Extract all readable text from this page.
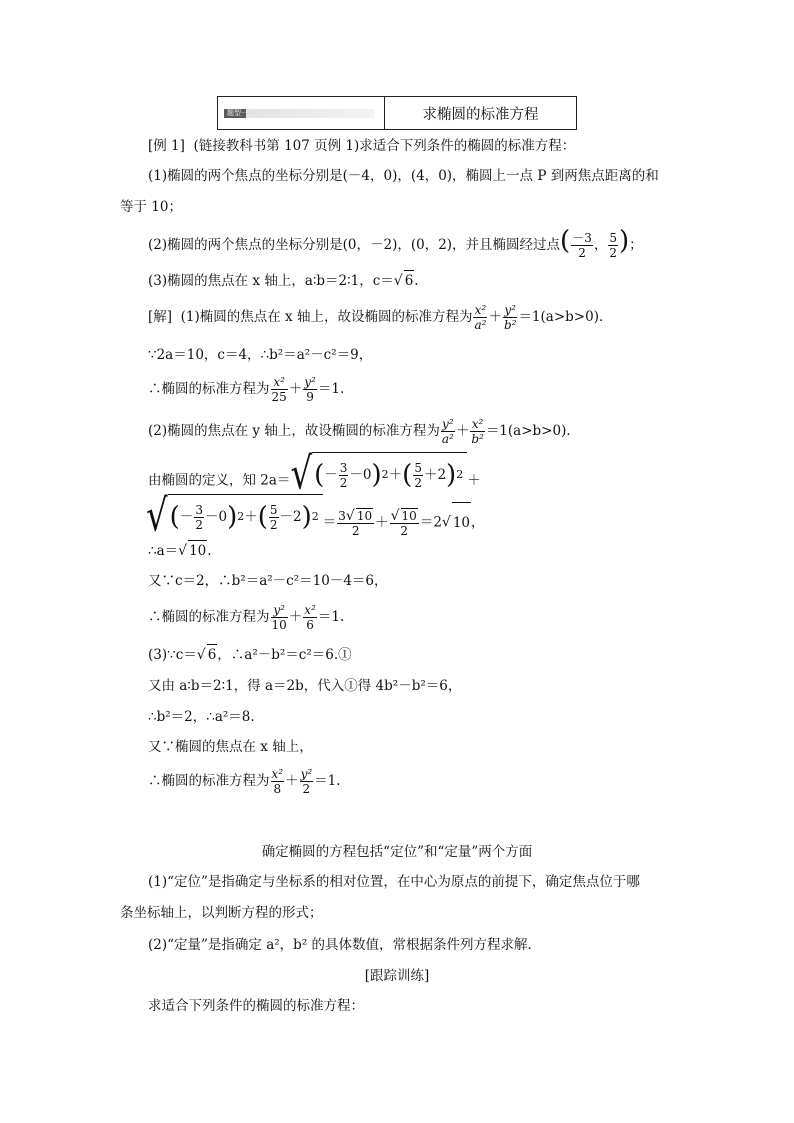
题型一	求椭圆的标准方程
[例 1] (链接教科书第 107 页例 1)求适合下列条件的椭圆的标准方程：
(1)椭圆的两个焦点的坐标分别是(－4，0)，(4，0)，椭圆上一点 P 到两焦点距离的和
等于 10；
(2)椭圆的两个焦点的坐标分别是(0，－2)，(0，2)，并且椭圆经过点( $\frac{-3}{2}$ ， $\frac{5}{2}$ )；
(3)椭圆的焦点在 x 轴上，a∶b＝2∶1，c＝√ 6.
[解] (1)椭圆的焦点在 x 轴上，故设椭圆的标准方程为 $\frac{\text{x²}}{\text{a²}} + \frac{\text{y²}}{\text{b²}} =1(a>b>0)$．
∵2a＝10，c＝4，∴b²＝a²－c²＝9，
∴椭圆的标准方程为 $\frac{\text{x²}}{25} + \frac{\text{y²}}{9} =1$.
(2)椭圆的焦点在 y 轴上，故设椭圆的标准方程为 $\frac{\text{y²}}{\text{a²}} + \frac{\text{x²}}{\text{b²}} =1(a>b>0)$．
由椭圆的定义，知 2a＝ √ ( － $\frac{3}{2} -0$ ) 2 ＋ ( $\frac{5}{2} +2$ ) 2 ＋
√ ( － $\frac{3}{2} -0$ ) 2 ＋ ( $\frac{5}{2} -2$ ) $2 = \frac{3√ 10}{2} + \frac{√ 10}{2} =2√$ 10，
∴a＝√ 10.
又∵c＝2，∴b²＝a²－c²＝10－4＝6，
∴椭圆的标准方程为 $\frac{\text{y²}}{10} + \frac{\text{x²}}{6} =1$.
(3)∵c＝√ 6，∴a²－b²＝c²＝6.①
又由 a∶b＝2∶1，得 a＝2b，代入①得 4b²－b²＝6，
∴b²＝2，∴a²＝8.
又∵椭圆的焦点在 x 轴上，
∴椭圆的标准方程为 $\frac{\text{x²}}{8} + \frac{\text{y²}}{2} =1$.
确定椭圆的方程包括“定位”和“定量”两个方面
(1)“定位”是指确定与坐标系的相对位置，在中心为原点的前提下，确定焦点位于哪
条坐标轴上，以判断方程的形式；
(2)“定量”是指确定 a²，b² 的具体数值，常根据条件列方程求解．
[跟踪训练]
求适合下列条件的椭圆的标准方程：
